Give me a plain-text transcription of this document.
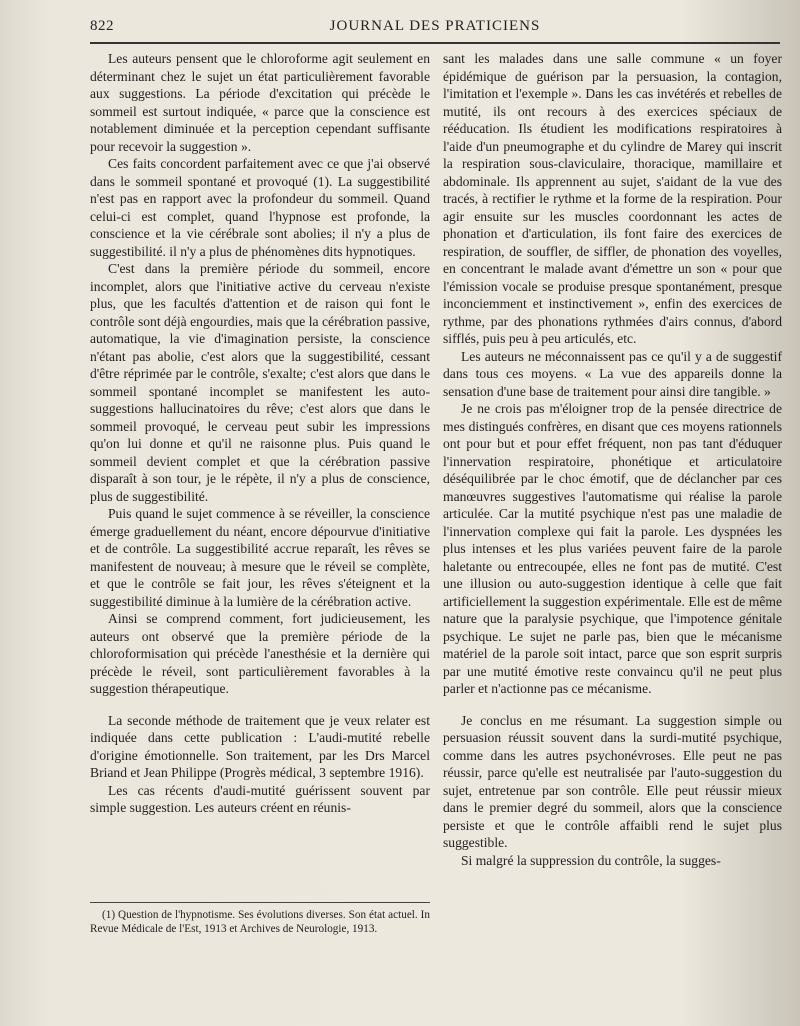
822	JOURNAL DES PRATICIENS

Les auteurs pensent que le chloroforme agit seulement en déterminant chez le sujet un état particulièrement favorable aux suggestions. La période d'excitation qui précède le sommeil est surtout indiquée, « parce que la conscience est notablement diminuée et la perception cependant suffisante pour recevoir la suggestion ».

Ces faits concordent parfaitement avec ce que j'ai observé dans le sommeil spontané et provoqué (1). La suggestibilité n'est pas en rapport avec la profondeur du sommeil. Quand celui-ci est complet, quand l'hypnose est profonde, la conscience et la vie cérébrale sont abolies; il n'y a plus de suggestibilité. il n'y a plus de phénomènes dits hypnotiques.

C'est dans la première période du sommeil, encore incomplet, alors que l'initiative active du cerveau n'existe plus, que les facultés d'attention et de raison qui font le contrôle sont déjà engourdies, mais que la cérébration passive, automatique, la vie d'imagination persiste, la conscience n'étant pas abolie, c'est alors que la suggestibilité, cessant d'être réprimée par le contrôle, s'exalte; c'est alors que dans le sommeil spontané incomplet se manifestent les auto-suggestions hallucinatoires du rêve; c'est alors que dans le sommeil provoqué, le cerveau peut subir les impressions qu'on lui donne et qu'il ne raisonne plus. Puis quand le sommeil devient complet et que la cérébration passive disparaît à son tour, je le répète, il n'y a plus de conscience, plus de suggestibilité.

Puis quand le sujet commence à se réveiller, la conscience émerge graduellement du néant, encore dépourvue d'initiative et de contrôle. La suggestibilité accrue reparaît, les rêves se manifestent de nouveau; à mesure que le réveil se complète, et que le contrôle se fait jour, les rêves s'éteignent et la suggestibilité diminue à la lumière de la cérébration active.

Ainsi se comprend comment, fort judicieusement, les auteurs ont observé que la première période de la chloroformisation qui précède l'anesthésie et la dernière qui précède le réveil, sont particulièrement favorables à la suggestion thérapeutique.

La seconde méthode de traitement que je veux relater est indiquée dans cette publication : L'audi-mutité rebelle d'origine émotionnelle. Son traitement, par les Drs Marcel Briand et Jean Philippe (Progrès médical, 3 septembre 1916).

Les cas récents d'audi-mutité guérissent souvent par simple suggestion. Les auteurs créent en réunis-

sant les malades dans une salle commune « un foyer épidémique de guérison par la persuasion, la contagion, l'imitation et l'exemple ». Dans les cas invétérés et rebelles de mutité, ils ont recours à des exercices spéciaux de rééducation. Ils étudient les modifications respiratoires à l'aide d'un pneumographe et du cylindre de Marey qui inscrit la respiration sous-claviculaire, thoracique, mamillaire et abdominale. Ils apprennent au sujet, s'aidant de la vue des tracés, à rectifier le rythme et la forme de la respiration. Pour agir ensuite sur les muscles coordonnant les actes de phonation et d'articulation, ils font faire des exercices de respiration, de souffler, de siffler, de phonation des voyelles, en concentrant le malade avant d'émettre un son « pour que l'émission vocale se produise presque spontanément, presque inconciemment et instinctivement », enfin des exercices de rythme, par des phonations rythmées d'airs connus, d'abord sifflés, puis peu à peu articulés, etc.

Les auteurs ne méconnaissent pas ce qu'il y a de suggestif dans tous ces moyens. « La vue des appareils donne la sensation d'une base de traitement pour ainsi dire tangible. »

Je ne crois pas m'éloigner trop de la pensée directrice de mes distingués confrères, en disant que ces moyens rationnels ont pour but et pour effet fréquent, non pas tant d'éduquer l'innervation respiratoire, phonétique et articulatoire déséquilibrée par le choc émotif, que de déclancher par ces manœuvres suggestives l'automatisme qui réalise la parole articulée. Car la mutité psychique n'est pas une maladie de l'innervation complexe qui fait la parole. Les dyspnées les plus intenses et les plus variées peuvent faire de la parole haletante ou entrecoupée, elles ne font pas de mutité. C'est une illusion ou auto-suggestion identique à celle que fait artificiellement la suggestion expérimentale. Elle est de même nature que la paralysie psychique, que l'impotence génitale psychique. Le sujet ne parle pas, bien que le mécanisme matériel de la parole soit intact, parce que son esprit surpris par une mutité émotive reste convaincu qu'il ne peut plus parler et n'actionne pas ce mécanisme.

Je conclus en me résumant. La suggestion simple ou persuasion réussit souvent dans la surdi-mutité psychique, comme dans les autres psychonévroses. Elle peut ne pas réussir, parce qu'elle est neutralisée par l'auto-suggestion du sujet, entretenue par son contrôle. Elle peut réussir mieux dans le premier degré du sommeil, alors que la conscience persiste et que le contrôle affaibli rend le sujet plus suggestible.

Si malgré la suppression du contrôle, la sugges-

(1) Question de l'hypnotisme. Ses évolutions diverses. Son état actuel. In Revue Médicale de l'Est, 1913 et Archives de Neurologie, 1913.
